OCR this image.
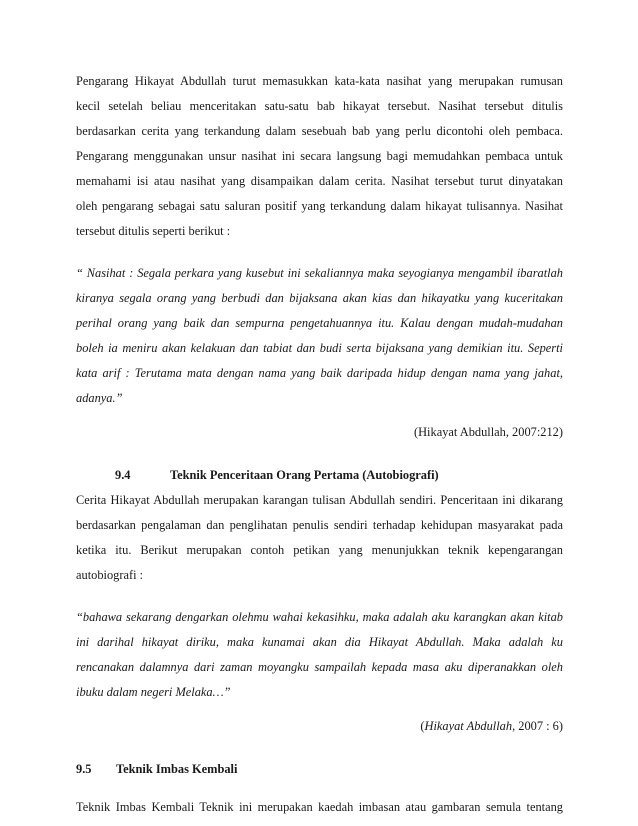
Pengarang Hikayat Abdullah turut memasukkan kata-kata nasihat yang merupakan rumusan
kecil setelah beliau menceritakan satu-satu bab hikayat tersebut. Nasihat tersebut ditulis
berdasarkan cerita yang terkandung dalam sesebuah bab yang perlu dicontohi oleh pembaca.
Pengarang menggunakan unsur nasihat ini secara langsung bagi memudahkan pembaca untuk
memahami isi atau nasihat yang disampaikan dalam cerita. Nasihat tersebut turut dinyatakan
oleh pengarang sebagai satu saluran positif yang terkandung dalam hikayat tulisannya. Nasihat
tersebut ditulis seperti berikut :

“ Nasihat : Segala perkara yang kusebut ini sekaliannya maka seyogianya mengambil ibaratlah
kiranya segala orang yang berbudi dan bijaksana akan kias dan hikayatku yang kuceritakan
perihal orang yang baik dan sempurna pengetahuannya itu. Kalau dengan mudah-mudahan
boleh ia meniru akan kelakuan dan tabiat dan budi serta bijaksana yang demikian itu. Seperti
kata arif : Terutama mata dengan nama yang baik daripada hidup dengan nama yang jahat,
adanya.”

(Hikayat Abdullah, 2007:212)
9.4	Teknik Penceritaan Orang Pertama (Autobiografi)

Cerita Hikayat Abdullah merupakan karangan tulisan Abdullah sendiri. Penceritaan ini dikarang
berdasarkan pengalaman dan penglihatan penulis sendiri terhadap kehidupan masyarakat pada
ketika itu. Berikut merupakan contoh petikan yang menunjukkan teknik kepengarangan
autobiografi :

“bahawa sekarang dengarkan olehmu wahai kekasihku, maka adalah aku karangkan akan kitab
ini darihal hikayat diriku, maka kunamai akan dia Hikayat Abdullah. Maka adalah ku
rencanakan dalamnya dari zaman moyangku sampailah kepada masa aku diperanakkan oleh
ibuku dalam negeri Melaka…”

(Hikayat Abdullah, 2007 : 6)
9.5	Teknik Imbas Kembali

Teknik Imbas Kembali Teknik ini merupakan kaedah imbasan atau gambaran semula tentang
